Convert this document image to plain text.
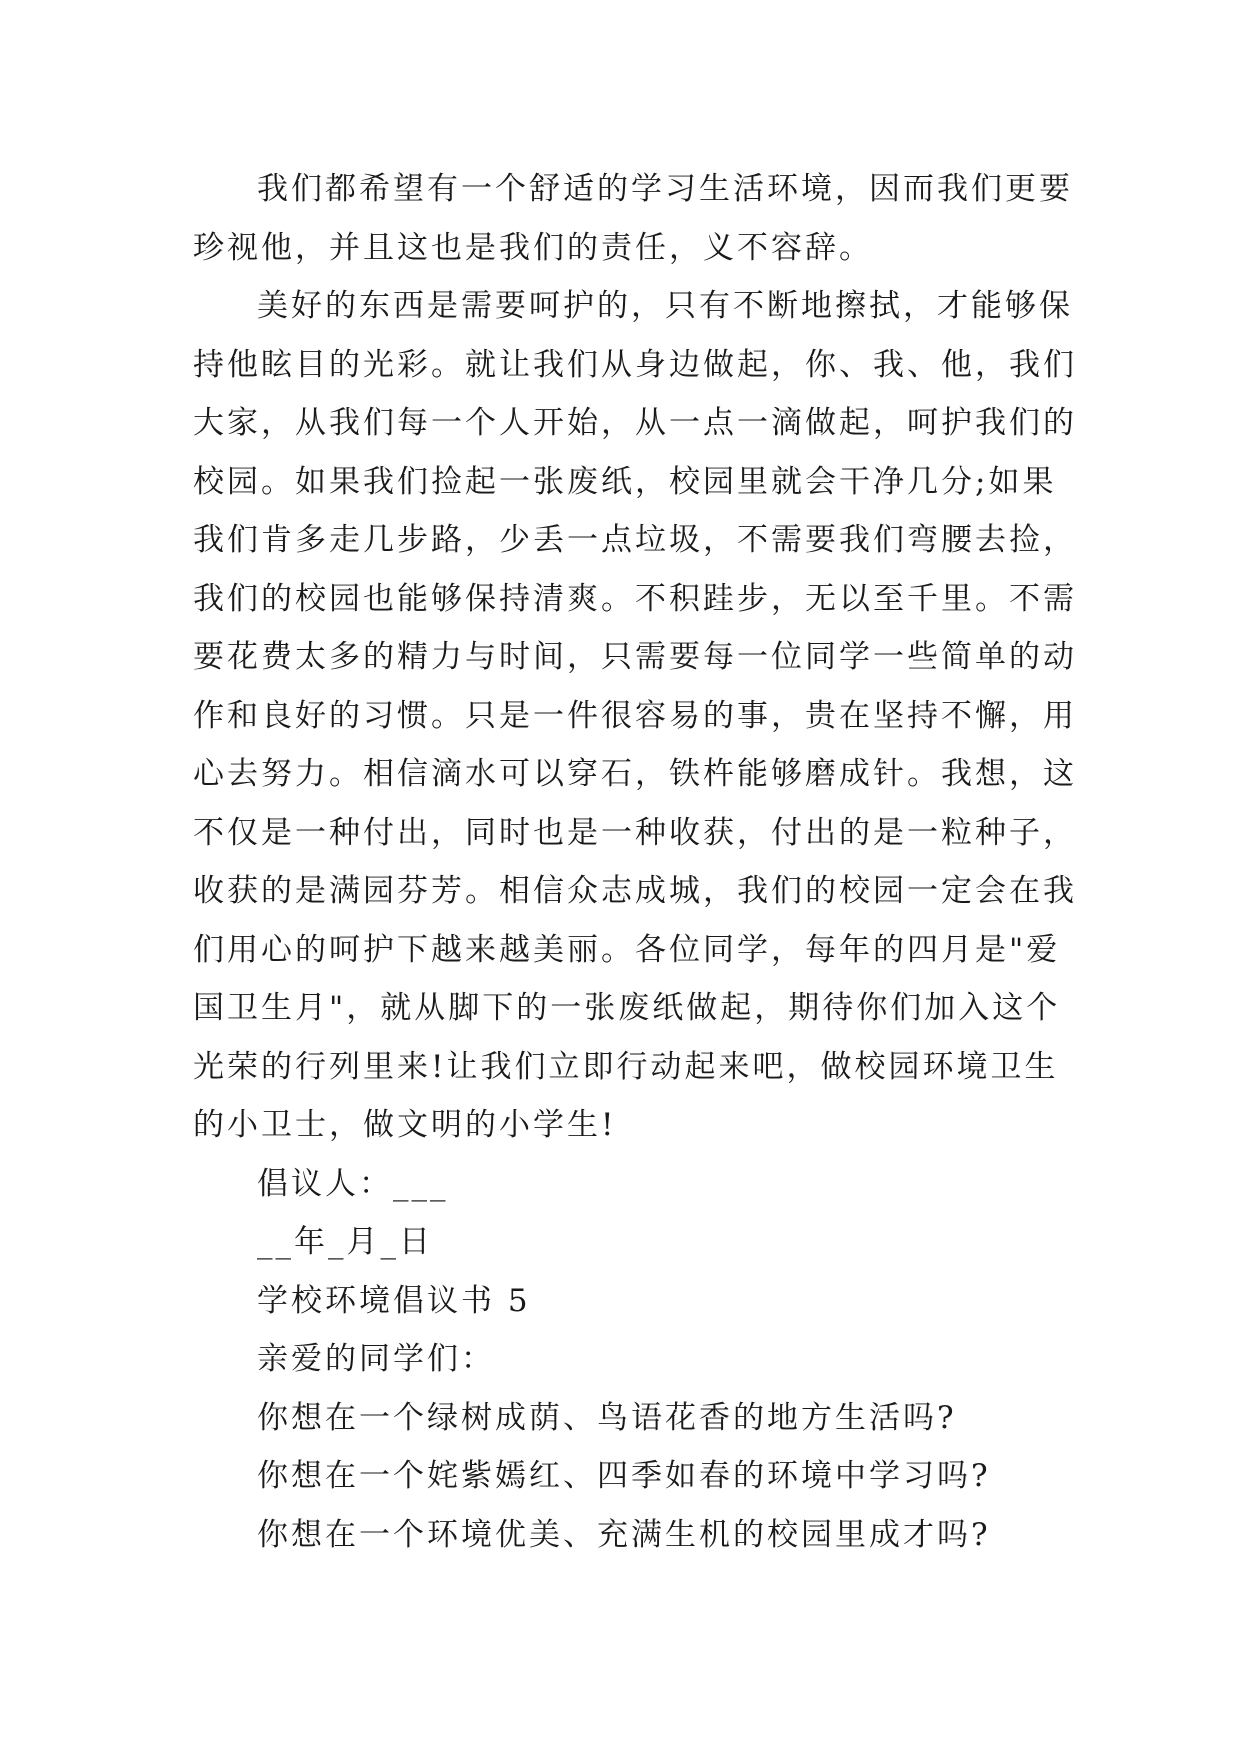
我们都希望有一个舒适的学习生活环境，因而我们更要
珍视他，并且这也是我们的责任，义不容辞。
美好的东西是需要呵护的，只有不断地擦拭，才能够保
持他眩目的光彩。就让我们从身边做起，你、我、他，我们
大家，从我们每一个人开始，从一点一滴做起，呵护我们的
校园。如果我们捡起一张废纸，校园里就会干净几分;如果
我们肯多走几步路，少丢一点垃圾，不需要我们弯腰去捡，
我们的校园也能够保持清爽。不积跬步，无以至千里。不需
要花费太多的精力与时间，只需要每一位同学一些简单的动
作和良好的习惯。只是一件很容易的事，贵在坚持不懈，用
心去努力。相信滴水可以穿石，铁杵能够磨成针。我想，这
不仅是一种付出，同时也是一种收获，付出的是一粒种子，
收获的是满园芬芳。相信众志成城，我们的校园一定会在我
们用心的呵护下越来越美丽。各位同学，每年的四月是"爱
国卫生月"，就从脚下的一张废纸做起，期待你们加入这个
光荣的行列里来!让我们立即行动起来吧，做校园环境卫生
的小卫士，做文明的小学生!
倡议人：___
__年_月_日
学校环境倡议书 5
亲爱的同学们：
你想在一个绿树成荫、鸟语花香的地方生活吗?
你想在一个姹紫嫣红、四季如春的环境中学习吗?
你想在一个环境优美、充满生机的校园里成才吗?
